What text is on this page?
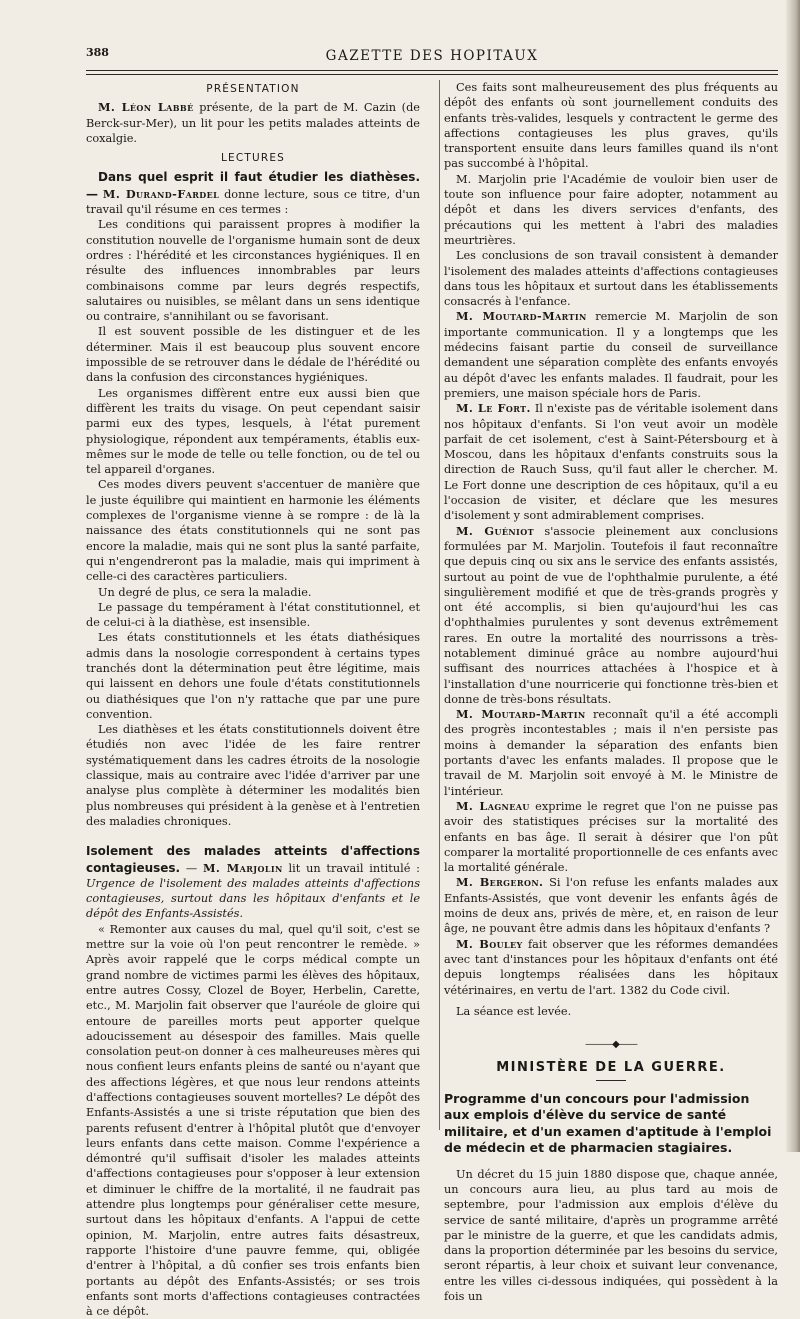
388	GAZETTE DES HOPITAUX
PRÉSENTATION

M. Léon Labbé présente, de la part de M. Cazin (de Berck-sur-Mer), un lit pour les petits malades atteints de coxalgie.

LECTURES

Dans quel esprit il faut étudier les diathèses. — M. Durand-Fardel donne lecture, sous ce titre, d'un travail qu'il résume en ces termes :

Les conditions qui paraissent propres à modifier la constitution nouvelle de l'organisme humain sont de deux ordres : l'hérédité et les circonstances hygiéniques. Il en résulte des influences innombrables par leurs combinaisons comme par leurs degrés respectifs, salutaires ou nuisibles, se mêlant dans un sens identique ou contraire, s'annihilant ou se favorisant.

Il est souvent possible de les distinguer et de les déterminer. Mais il est beaucoup plus souvent encore impossible de se retrouver dans le dédale de l'hérédité ou dans la confusion des circonstances hygiéniques.

Les organismes diffèrent entre eux aussi bien que diffèrent les traits du visage. On peut cependant saisir parmi eux des types, lesquels, à l'état purement physiologique, répondent aux tempéraments, établis eux-mêmes sur le mode de telle ou telle fonction, ou de tel ou tel appareil d'organes.

Ces modes divers peuvent s'accentuer de manière que le juste équilibre qui maintient en harmonie les éléments complexes de l'organisme vienne à se rompre : de là la naissance des états constitutionnels qui ne sont pas encore la maladie, mais qui ne sont plus la santé parfaite, qui n'engendreront pas la maladie, mais qui impriment à celle-ci des caractères particuliers.

Un degré de plus, ce sera la maladie.

Le passage du tempérament à l'état constitutionnel, et de celui-ci à la diathèse, est insensible.

Les états constitutionnels et les états diathésiques admis dans la nosologie correspondent à certains types tranchés dont la détermination peut être légitime, mais qui laissent en dehors une foule d'états constitutionnels ou diathésiques que l'on n'y rattache que par une pure convention.

Les diathèses et les états constitutionnels doivent être étudiés non avec l'idée de les faire rentrer systématiquement dans les cadres étroits de la nosologie classique, mais au contraire avec l'idée d'arriver par une analyse plus complète à déterminer les modalités bien plus nombreuses qui président à la genèse et à l'entretien des maladies chroniques.

Isolement des malades atteints d'affections contagieuses. — M. Marjolin lit un travail intitulé : Urgence de l'isolement des malades atteints d'affections contagieuses, surtout dans les hôpitaux d'enfants et le dépôt des Enfants-Assistés.

« Remonter aux causes du mal, quel qu'il soit, c'est se mettre sur la voie où l'on peut rencontrer le remède. » Après avoir rappelé que le corps médical compte un grand nombre de victimes parmi les élèves des hôpitaux, entre autres Cossy, Clozel de Boyer, Herbelin, Carette, etc., M. Marjolin fait observer que l'auréole de gloire qui entoure de pareilles morts peut apporter quelque adoucissement au désespoir des familles. Mais quelle consolation peut-on donner à ces malheureuses mères qui nous confient leurs enfants pleins de santé ou n'ayant que des affections légères, et que nous leur rendons atteints d'affections contagieuses souvent mortelles? Le dépôt des Enfants-Assistés a une si triste réputation que bien des parents refusent d'entrer à l'hôpital plutôt que d'envoyer leurs enfants dans cette maison. Comme l'expérience a démontré qu'il suffisait d'isoler les malades atteints d'affections contagieuses pour s'opposer à leur extension et diminuer le chiffre de la mortalité, il ne faudrait pas attendre plus longtemps pour généraliser cette mesure, surtout dans les hôpitaux d'enfants. A l'appui de cette opinion, M. Marjolin, entre autres faits désastreux, rapporte l'histoire d'une pauvre femme, qui, obligée d'entrer à l'hôpital, a dû confier ses trois enfants bien portants au dépôt des Enfants-Assistés; or ses trois enfants sont morts d'affections contagieuses contractées à ce dépôt.

Ces faits sont malheureusement des plus fréquents au dépôt des enfants où sont journellement conduits des enfants très-valides, lesquels y contractent le germe des affections contagieuses les plus graves, qu'ils transportent ensuite dans leurs familles quand ils n'ont pas succombé à l'hôpital.

M. Marjolin prie l'Académie de vouloir bien user de toute son influence pour faire adopter, notamment au dépôt et dans les divers services d'enfants, des précautions qui les mettent à l'abri des maladies meurtrières.

Les conclusions de son travail consistent à demander l'isolement des malades atteints d'affections contagieuses dans tous les hôpitaux et surtout dans les établissements consacrés à l'enfance.

M. Moutard-Martin remercie M. Marjolin de son importante communication. Il y a longtemps que les médecins faisant partie du conseil de surveillance demandent une séparation complète des enfants envoyés au dépôt d'avec les enfants malades. Il faudrait, pour les premiers, une maison spéciale hors de Paris.

M. Le Fort. Il n'existe pas de véritable isolement dans nos hôpitaux d'enfants. Si l'on veut avoir un modèle parfait de cet isolement, c'est à Saint-Pétersbourg et à Moscou, dans les hôpitaux d'enfants construits sous la direction de Rauch Suss, qu'il faut aller le chercher. M. Le Fort donne une description de ces hôpitaux, qu'il a eu l'occasion de visiter, et déclare que les mesures d'isolement y sont admirablement comprises.

M. Guéniot s'associe pleinement aux conclusions formulées par M. Marjolin. Toutefois il faut reconnaître que depuis cinq ou six ans le service des enfants assistés, surtout au point de vue de l'ophthalmie purulente, a été singulièrement modifié et que de très-grands progrès y ont été accomplis, si bien qu'aujourd'hui les cas d'ophthalmies purulentes y sont devenus extrêmement rares. En outre la mortalité des nourrissons a très-notablement diminué grâce au nombre aujourd'hui suffisant des nourrices attachées à l'hospice et à l'installation d'une nourricerie qui fonctionne très-bien et donne de très-bons résultats.

M. Moutard-Martin reconnaît qu'il a été accompli des progrès incontestables ; mais il n'en persiste pas moins à demander la séparation des enfants bien portants d'avec les enfants malades. Il propose que le travail de M. Marjolin soit envoyé à M. le Ministre de l'intérieur.

M. Lagneau exprime le regret que l'on ne puisse pas avoir des statistiques précises sur la mortalité des enfants en bas âge. Il serait à désirer que l'on pût comparer la mortalité proportionnelle de ces enfants avec la mortalité générale.

M. Bergeron. Si l'on refuse les enfants malades aux Enfants-Assistés, que vont devenir les enfants âgés de moins de deux ans, privés de mère, et, en raison de leur âge, ne pouvant être admis dans les hôpitaux d'enfants ?

M. Bouley fait observer que les réformes demandées avec tant d'instances pour les hôpitaux d'enfants ont été depuis longtemps réalisées dans les hôpitaux vétérinaires, en vertu de l'art. 1382 du Code civil.

La séance est levée.

———◆——
MINISTÈRE DE LA GUERRE.
Programme d'un concours pour l'admission aux emplois d'élève du service de santé militaire, et d'un examen d'aptitude à l'emploi de médecin et de pharmacien stagiaires.

Un décret du 15 juin 1880 dispose que, chaque année, un concours aura lieu, au plus tard au mois de septembre, pour l'admission aux emplois d'élève du service de santé militaire, d'après un programme arrêté par le ministre de la guerre, et que les candidats admis, dans la proportion déterminée par les besoins du service, seront répartis, à leur choix et suivant leur convenance, entre les villes ci-dessous indiquées, qui possèdent à la fois un
